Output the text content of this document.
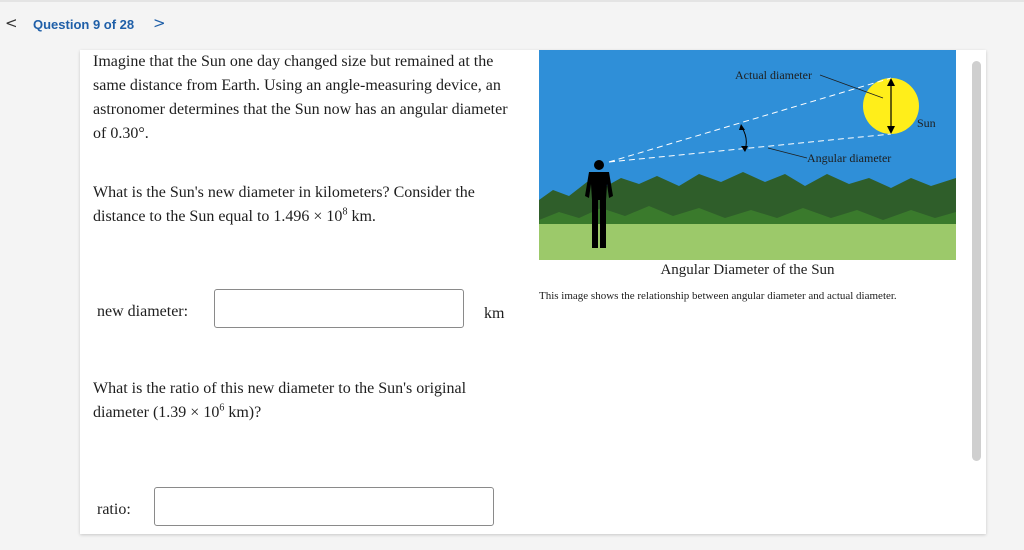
< Question 9 of 28 >
Imagine that the Sun one day changed size but remained at the same distance from Earth. Using an angle-measuring device, an astronomer determines that the Sun now has an angular diameter of 0.30°.
What is the Sun's new diameter in kilometers? Consider the distance to the Sun equal to $1.496 \times 10^8$ km.
new diameter:	km
What is the ratio of this new diameter to the Sun's original diameter ($1.39 \times 10^6$ km)?
ratio:
Actual diameter
Sun
Angular diameter
Angular Diameter of the Sun
This image shows the relationship between angular diameter and actual diameter.
